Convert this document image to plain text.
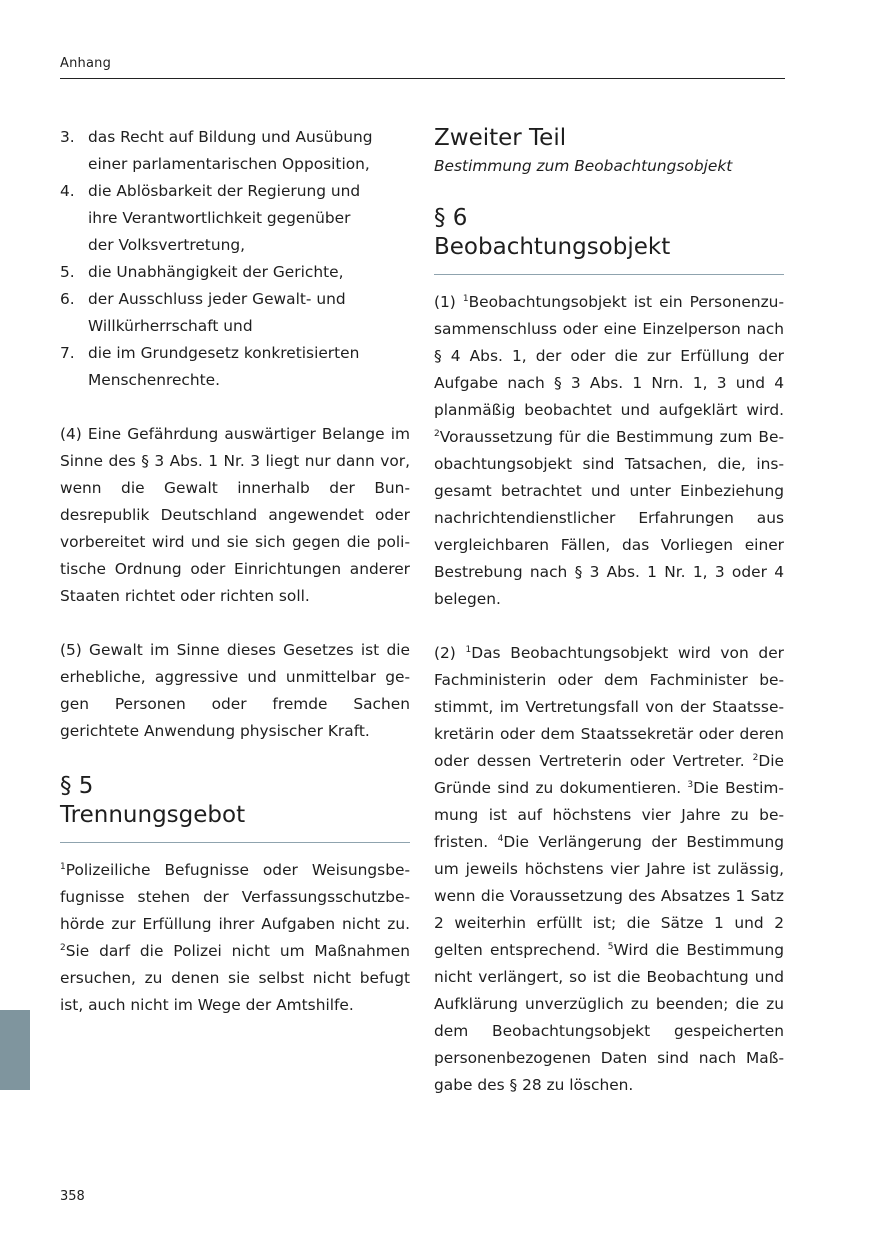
Anhang
3. das Recht auf Bildung und Ausübung
einer parlamentarischen Opposition,
4. die Ablösbarkeit der Regierung und
ihre Verantwortlichkeit gegenüber
der Volksvertretung,
5. die Unabhängigkeit der Gerichte,
6. der Ausschluss jeder Gewalt- und
Willkürherrschaft und
7. die im Grundgesetz konkretisierten
Menschenrechte.

(4) Eine Gefährdung auswärtiger Belange im Sinne des § 3 Abs. 1 Nr. 3 liegt nur dann vor, wenn die Gewalt innerhalb der Bundesrepublik Deutschland angewendet oder vorbereitet wird und sie sich gegen die politische Ordnung oder Einrichtungen anderer Staaten richtet oder richten soll.

(5) Gewalt im Sinne dieses Gesetzes ist die erhebliche, aggressive und unmittelbar gegen Personen oder fremde Sachen gerichtete Anwendung physischer Kraft.

§ 5
Trennungsgebot

$^1$Polizeiliche Befugnisse oder Weisungsbefugnisse stehen der Verfassungsschutzbehörde zur Erfüllung ihrer Aufgaben nicht zu. $^2$Sie darf die Polizei nicht um Maßnahmen ersuchen, zu denen sie selbst nicht befugt ist, auch nicht im Wege der Amtshilfe.

Zweiter Teil

Bestimmung zum Beobachtungsobjekt

§ 6
Beobachtungsobjekt

(1) $^1$Beobachtungsobjekt ist ein Personenzusammenschluss oder eine Einzelperson nach § 4 Abs. 1, der oder die zur Erfüllung der Aufgabe nach § 3 Abs. 1 Nrn. 1, 3 und 4 planmäßig beobachtet und aufgeklärt wird. $^2$Voraussetzung für die Bestimmung zum Beobachtungsobjekt sind Tatsachen, die, insgesamt betrachtet und unter Einbeziehung nachrichtendienstlicher Erfahrungen aus vergleichbaren Fällen, das Vorliegen einer Bestrebung nach § 3 Abs. 1 Nr. 1, 3 oder 4 belegen.

(2) $^1$Das Beobachtungsobjekt wird von der Fachministerin oder dem Fachminister bestimmt, im Vertretungsfall von der Staatssekretärin oder dem Staatssekretär oder deren oder dessen Vertreterin oder Vertreter. $^2$Die Gründe sind zu dokumentieren. $^3$Die Bestimmung ist auf höchstens vier Jahre zu befristen. $^4$Die Verlängerung der Bestimmung um jeweils höchstens vier Jahre ist zulässig, wenn die Voraussetzung des Absatzes 1 Satz 2 weiterhin erfüllt ist; die Sätze 1 und 2 gelten entsprechend. $^5$Wird die Bestimmung nicht verlängert, so ist die Beobachtung und Aufklärung unverzüglich zu beenden; die zu dem Beobachtungsobjekt gespeicherten personenbezogenen Daten sind nach Maßgabe des § 28 zu löschen.

358
